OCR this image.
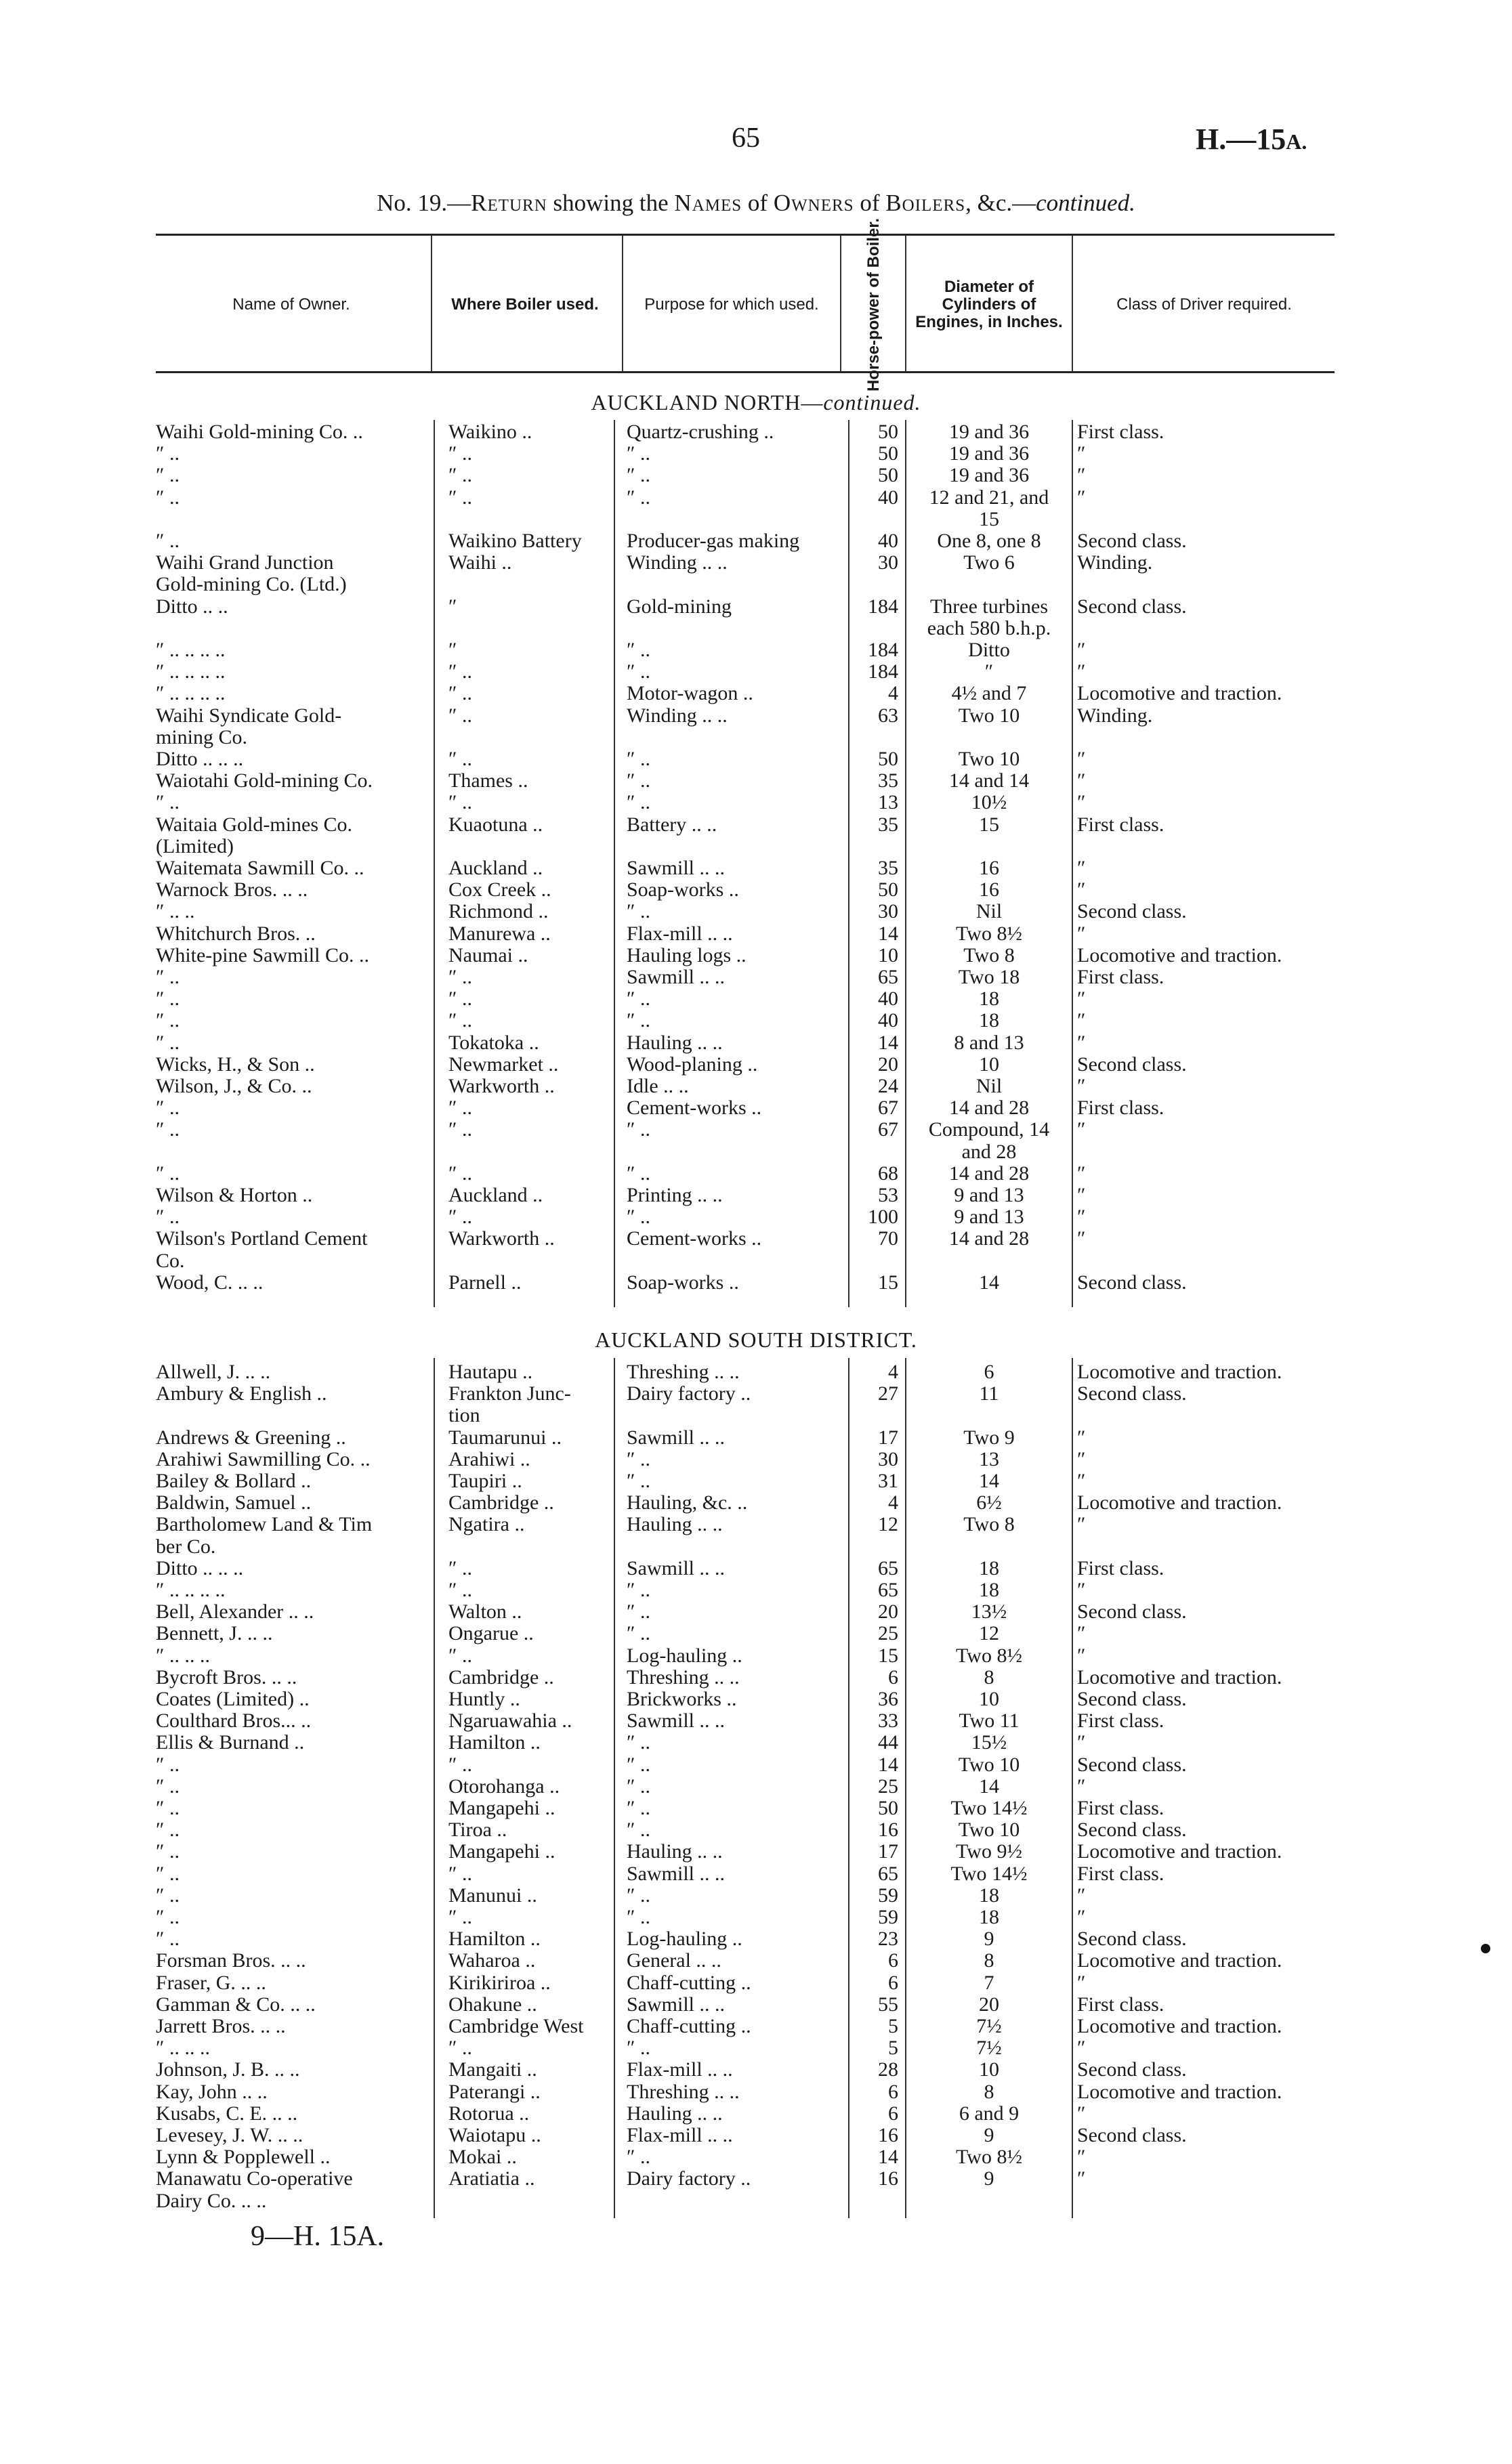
65	H.—15A.
No. 19.—Return showing the Names of Owners of Boilers, &c.—continued.
Name of Owner.	Where Boiler used.	Purpose for which used.	Horse-power of Boiler.	Diameter of Cylinders of Engines, in Inches.
Class of Driver required.
AUCKLAND NORTH—continued.
AUCKLAND SOUTH DISTRICT.
Waihi Gold-mining Co. ..	Waikino ..	Quartz-crushing ..	50	19 and 36	First class.
″ ..	″ ..	″ ..	50	19 and 36	″
″ ..	″ ..	″ ..	50	19 and 36	″
″ ..	″ ..	″ ..	40	12 and 21, and	″
15
″ ..	Waikino Battery	Producer-gas making	40	One 8, one 8	Second class.
Waihi Grand Junction	Waihi ..	Winding .. ..	30	Two 6	Winding.
Gold-mining Co. (Ltd.)
Ditto .. ..	″	Gold-mining	184	Three turbines	Second class.
each 580 b.h.p.
″ .. .. .. ..	″	″ ..	184	Ditto	″
″ .. .. .. ..	″ ..	″ ..	184	″	″
″ .. .. .. ..	″ ..	Motor-wagon ..	4	4½ and 7	Locomotive and traction.
Waihi Syndicate Gold-	″ ..	Winding .. ..	63	Two 10	Winding.
mining Co.
Ditto .. .. ..	″ ..	″ ..	50	Two 10	″
Waiotahi Gold-mining Co.	Thames ..	″ ..	35	14 and 14	″
″ ..	″ ..	″ ..	13	10½	″
Waitaia Gold-mines Co.	Kuaotuna ..	Battery .. ..	35	15	First class.
(Limited)
Waitemata Sawmill Co. ..	Auckland ..	Sawmill .. ..	35	16	″
Warnock Bros. .. ..	Cox Creek ..	Soap-works ..	50	16	″
″ .. ..	Richmond ..	″ ..	30	Nil	Second class.
Whitchurch Bros. ..	Manurewa ..	Flax-mill .. ..	14	Two 8½	″
White-pine Sawmill Co. ..	Naumai ..	Hauling logs ..	10	Two 8	Locomotive and traction.
″ ..	″ ..	Sawmill .. ..	65	Two 18	First class.
″ ..	″ ..	″ ..	40	18	″
″ ..	″ ..	″ ..	40	18	″
″ ..	Tokatoka ..	Hauling .. ..	14	8 and 13	″
Wicks, H., & Son ..	Newmarket ..	Wood-planing ..	20	10	Second class.
Wilson, J., & Co. ..	Warkworth ..	Idle .. ..	24	Nil	″
″ ..	″ ..	Cement-works ..	67	14 and 28	First class.
″ ..	″ ..	″ ..	67	Compound, 14	″
and 28
″ ..	″ ..	″ ..	68	14 and 28	″
Wilson & Horton ..	Auckland ..	Printing .. ..	53	9 and 13	″
″ ..	″ ..	″ ..	100	9 and 13	″
Wilson's Portland Cement	Warkworth ..	Cement-works ..	70	14 and 28	″
Co.
Wood, C. .. ..	Parnell ..	Soap-works ..	15	14	Second class.
Allwell, J. .. ..	Hautapu ..	Threshing .. ..	4	6	Locomotive and traction.
Ambury & English ..	Frankton Junc-	Dairy factory ..	27	11	Second class.
tion
Andrews & Greening ..	Taumarunui ..	Sawmill .. ..	17	Two 9	″
Arahiwi Sawmilling Co. ..	Arahiwi ..	″ ..	30	13	″
Bailey & Bollard ..	Taupiri ..	″ ..	31	14	″
Baldwin, Samuel ..	Cambridge ..	Hauling, &c. ..	4	6½	Locomotive and traction.
Bartholomew Land & Tim	Ngatira ..	Hauling .. ..	12	Two 8	″
ber Co.
Ditto .. .. ..	″ ..	Sawmill .. ..	65	18	First class.
″ .. .. .. ..	″ ..	″ ..	65	18	″
Bell, Alexander .. ..	Walton ..	″ ..	20	13½	Second class.
Bennett, J. .. ..	Ongarue ..	″ ..	25	12	″
″ .. .. ..	″ ..	Log-hauling ..	15	Two 8½	″
Bycroft Bros. .. ..	Cambridge ..	Threshing .. ..	6	8	Locomotive and traction.
Coates (Limited) ..	Huntly ..	Brickworks ..	36	10	Second class.
Coulthard Bros... ..	Ngaruawahia ..	Sawmill .. ..	33	Two 11	First class.
Ellis & Burnand ..	Hamilton ..	″ ..	44	15½	″
″ ..	″ ..	″ ..	14	Two 10	Second class.
″ ..	Otorohanga ..	″ ..	25	14	″
″ ..	Mangapehi ..	″ ..	50	Two 14½	First class.
″ ..	Tiroa ..	″ ..	16	Two 10	Second class.
″ ..	Mangapehi ..	Hauling .. ..	17	Two 9½	Locomotive and traction.
″ ..	″ ..	Sawmill .. ..	65	Two 14½	First class.
″ ..	Manunui ..	″ ..	59	18	″
″ ..	″ ..	″ ..	59	18	″
″ ..	Hamilton ..	Log-hauling ..	23	9	Second class.
Forsman Bros. .. ..	Waharoa ..	General .. ..	6	8	Locomotive and traction.
Fraser, G. .. ..	Kirikiriroa ..	Chaff-cutting ..	6	7	″
Gamman & Co. .. ..	Ohakune ..	Sawmill .. ..	55	20	First class.
Jarrett Bros. .. ..	Cambridge West	Chaff-cutting ..	5	7½	Locomotive and traction.
″ .. .. ..	″ ..	″ ..	5	7½	″
Johnson, J. B. .. ..	Mangaiti ..	Flax-mill .. ..	28	10	Second class.
Kay, John .. ..	Paterangi ..	Threshing .. ..	6	8	Locomotive and traction.
Kusabs, C. E. .. ..	Rotorua ..	Hauling .. ..	6	6 and 9	″
Levesey, J. W. .. ..	Waiotapu ..	Flax-mill .. ..	16	9	Second class.
Lynn & Popplewell ..	Mokai ..	″ ..	14	Two 8½	″
Manawatu Co-operative	Aratiatia ..	Dairy factory ..	16	9	″
Dairy Co. .. ..
9—H. 15A.
